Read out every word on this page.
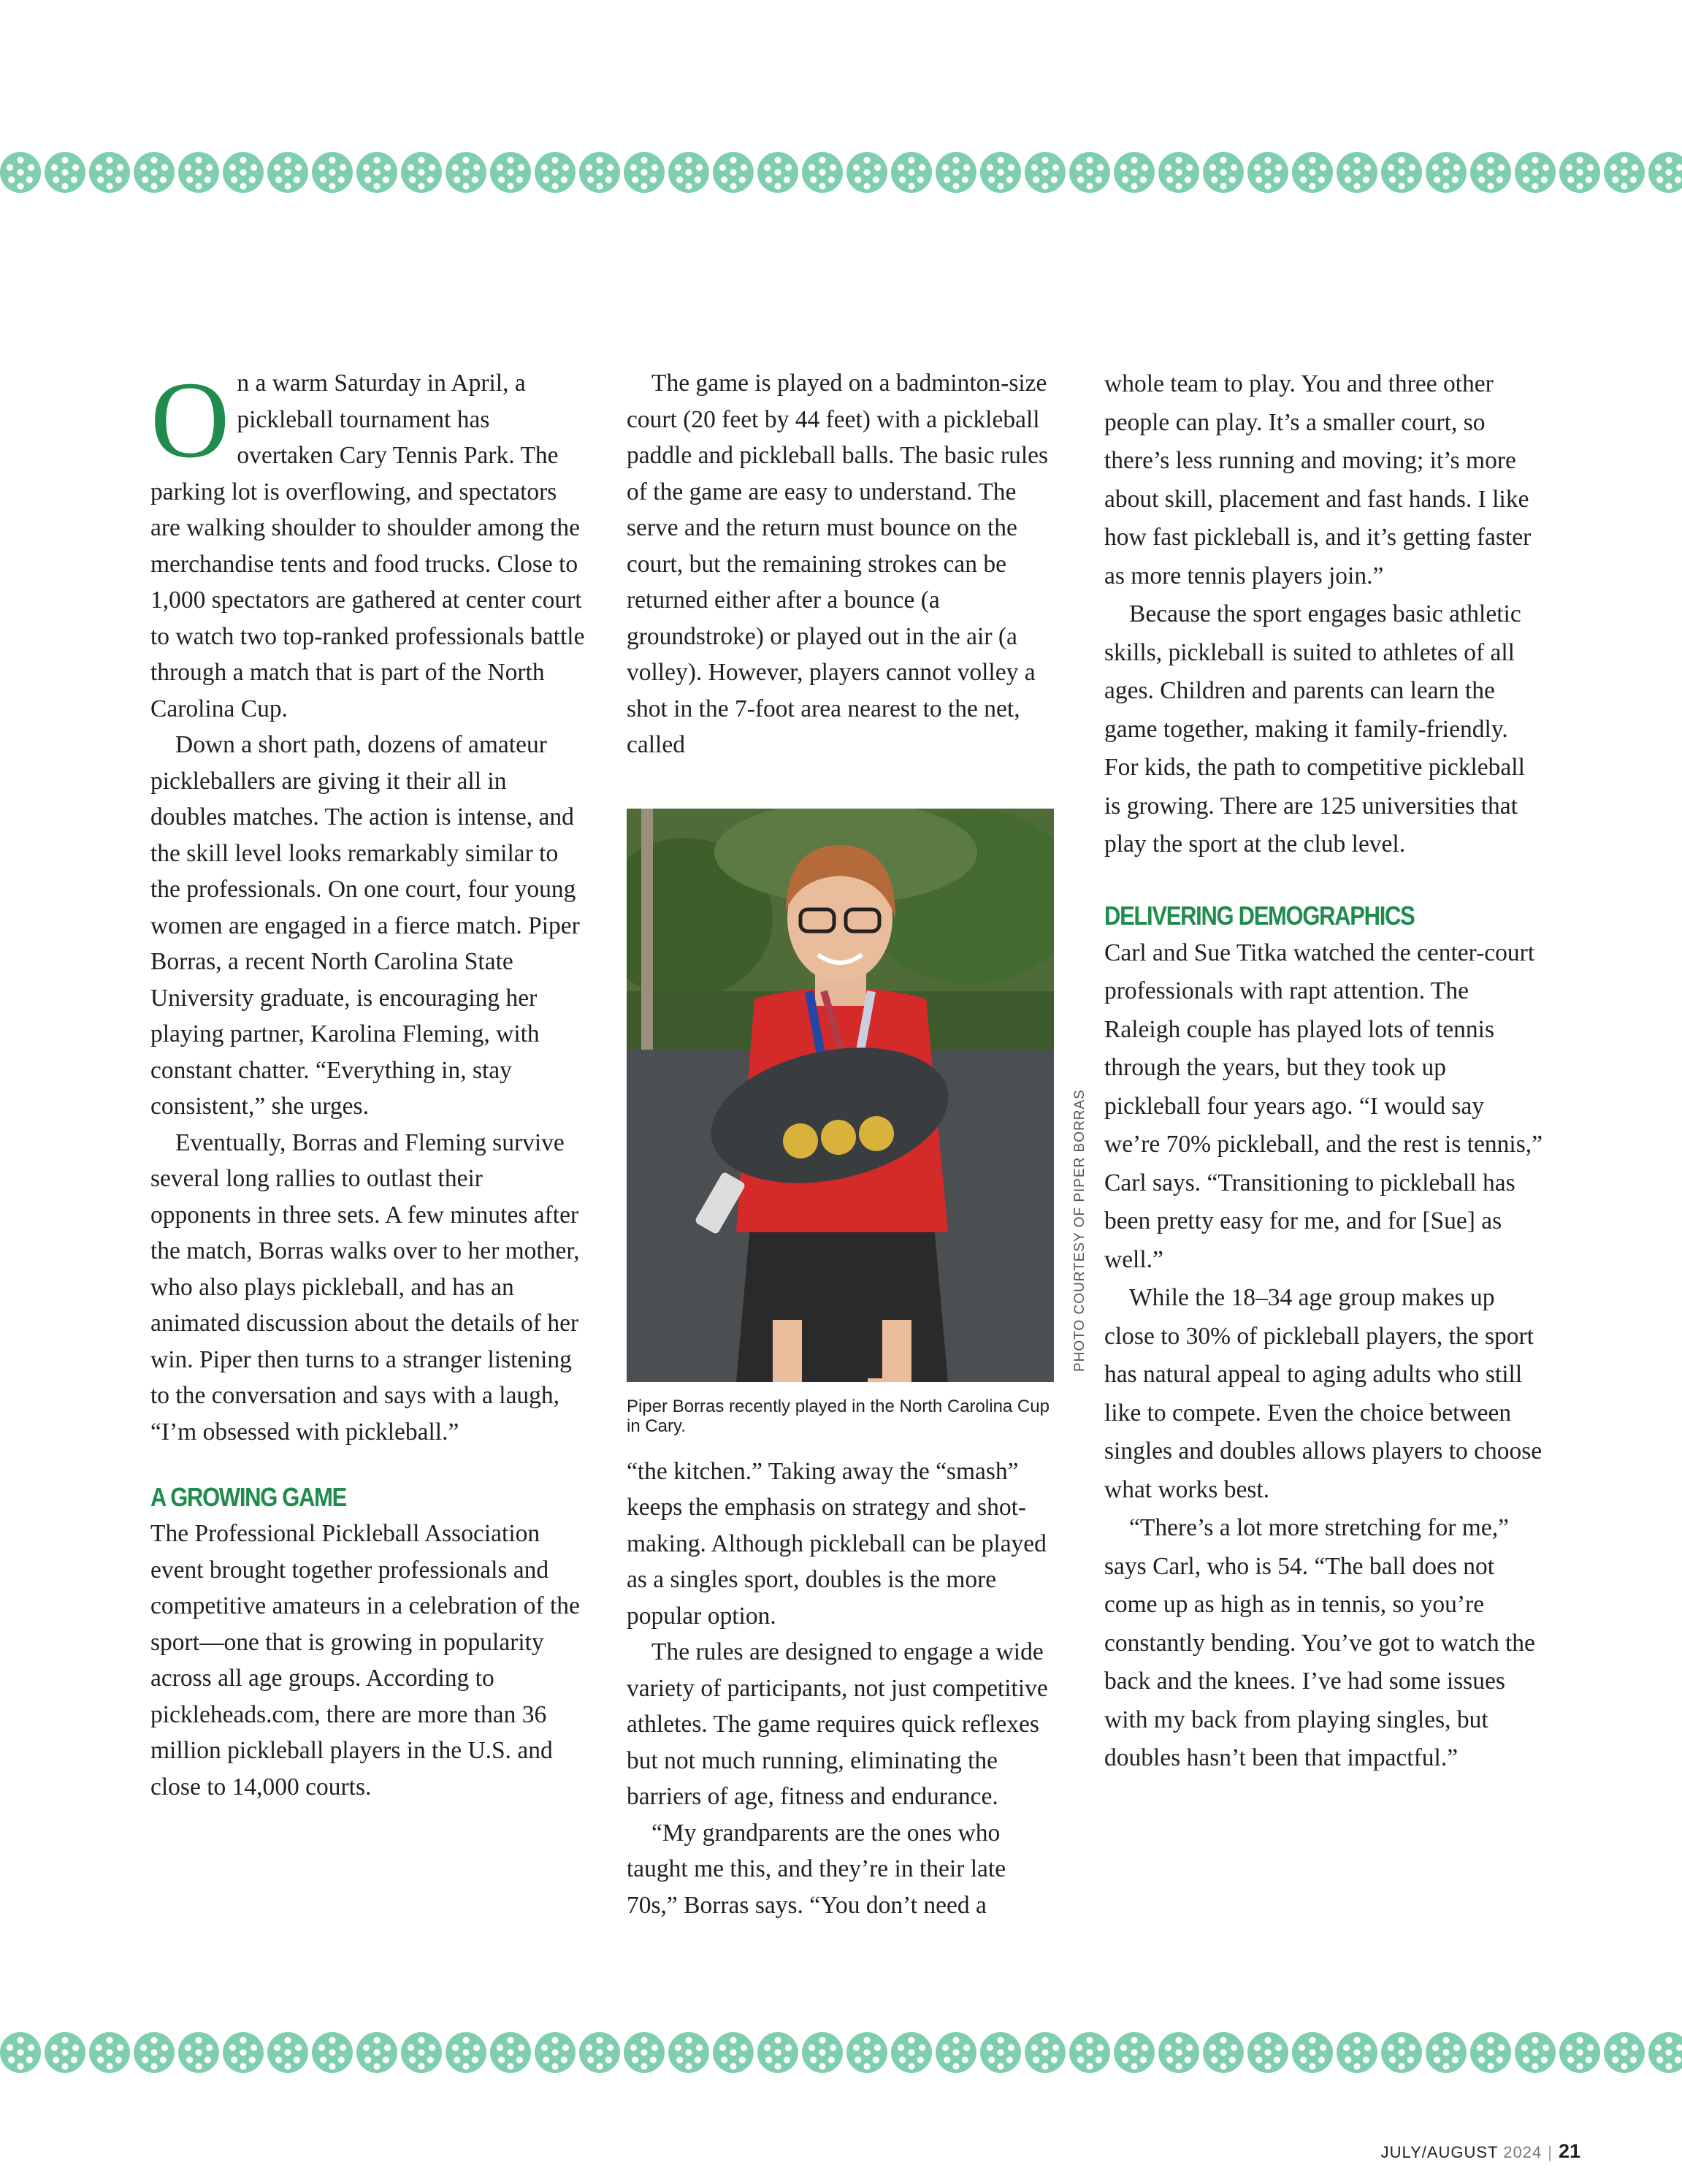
On a warm Saturday in April, a pickleball tournament has overtaken Cary Tennis Park. The parking lot is overflowing, and spectators are walking shoulder to shoulder among the merchandise tents and food trucks. Close to 1,000 spectators are gathered at center court to watch two top-ranked professionals battle through a match that is part of the North Carolina Cup.

Down a short path, dozens of amateur pickleballers are giving it their all in doubles matches. The action is intense, and the skill level looks remarkably similar to the professionals. On one court, four young women are engaged in a fierce match. Piper Borras, a recent North Carolina State University graduate, is encouraging her playing partner, Karolina Fleming, with constant chatter. “Everything in, stay consistent,” she urges.

Eventually, Borras and Fleming survive several long rallies to outlast their opponents in three sets. A few minutes after the match, Borras walks over to her mother, who also plays pickleball, and has an animated discussion about the details of her win. Piper then turns to a stranger listening to the conversation and says with a laugh, “I’m obsessed with pickleball.”

A GROWING GAME

The Professional Pickleball Association event brought together professionals and competitive amateurs in a celebration of the sport—one that is growing in popularity across all age groups. According to pickleheads.com, there are more than 36 million pickleball players in the U.S. and close to 14,000 courts.

The game is played on a badminton-size court (20 feet by 44 feet) with a pickleball paddle and pickleball balls. The basic rules of the game are easy to understand. The serve and the return must bounce on the court, but the remaining strokes can be returned either after a bounce (a groundstroke) or played out in the air (a volley). However, players cannot volley a shot in the 7-foot area nearest to the net, called

Piper Borras recently played in the North Carolina Cup in Cary.

“the kitchen.” Taking away the “smash” keeps the emphasis on strategy and shot-making. Although pickleball can be played as a singles sport, doubles is the more popular option.

The rules are designed to engage a wide variety of participants, not just competitive athletes. The game requires quick reflexes but not much running, eliminating the barriers of age, fitness and endurance.

“My grandparents are the ones who taught me this, and they’re in their late 70s,” Borras says. “You don’t need a

PHOTO COURTESY OF PIPER BORRAS

whole team to play. You and three other people can play. It’s a smaller court, so there’s less running and moving; it’s more about skill, placement and fast hands. I like how fast pickleball is, and it’s getting faster as more tennis players join.”

Because the sport engages basic athletic skills, pickleball is suited to athletes of all ages. Children and parents can learn the game together, making it family-friendly. For kids, the path to competitive pickleball is growing. There are 125 universities that play the sport at the club level.

DELIVERING DEMOGRAPHICS

Carl and Sue Titka watched the center-court professionals with rapt attention. The Raleigh couple has played lots of tennis through the years, but they took up pickleball four years ago. “I would say we’re 70% pickleball, and the rest is tennis,” Carl says. “Transitioning to pickleball has been pretty easy for me, and for [Sue] as well.”

While the 18–34 age group makes up close to 30% of pickleball players, the sport has natural appeal to aging adults who still like to compete. Even the choice between singles and doubles allows players to choose what works best.

“There’s a lot more stretching for me,” says Carl, who is 54. “The ball does not come up as high as in tennis, so you’re constantly bending. You’ve got to watch the back and the knees. I’ve had some issues with my back from playing singles, but doubles hasn’t been that impactful.”

JULY/AUGUST 2024 | 21
